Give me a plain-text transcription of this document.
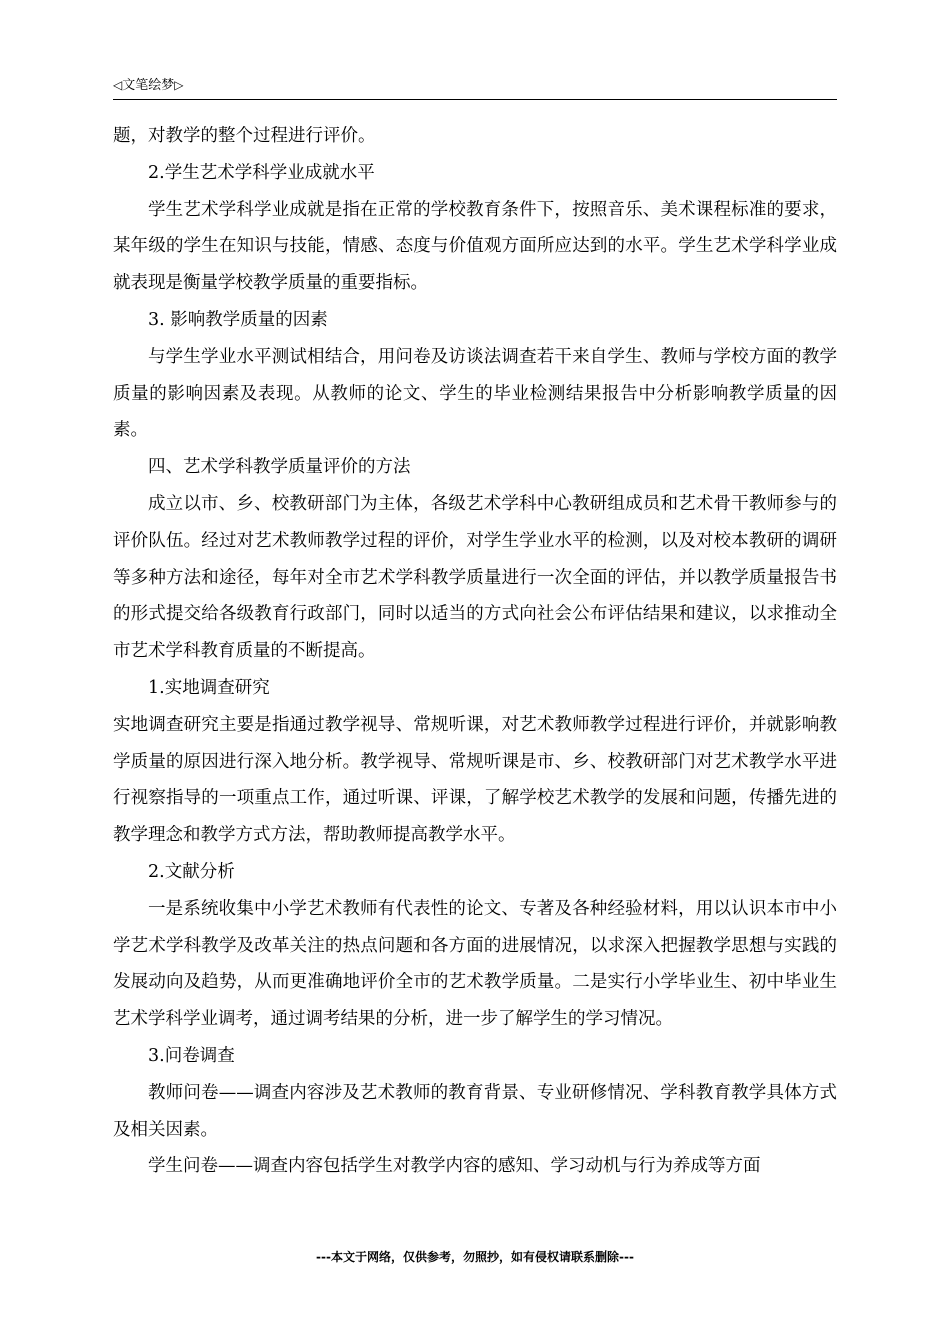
◁文笔绘梦▷

题，对教学的整个过程进行评价。

2.学生艺术学科学业成就水平

学生艺术学科学业成就是指在正常的学校教育条件下，按照音乐、美术课程标准的要求，某年级的学生在知识与技能，情感、态度与价值观方面所应达到的水平。学生艺术学科学业成就表现是衡量学校教学质量的重要指标。

3. 影响教学质量的因素

与学生学业水平测试相结合，用问卷及访谈法调查若干来自学生、教师与学校方面的教学质量的影响因素及表现。从教师的论文、学生的毕业检测结果报告中分析影响教学质量的因素。

四、艺术学科教学质量评价的方法

成立以市、乡、校教研部门为主体，各级艺术学科中心教研组成员和艺术骨干教师参与的评价队伍。经过对艺术教师教学过程的评价，对学生学业水平的检测，以及对校本教研的调研等多种方法和途径，每年对全市艺术学科教学质量进行一次全面的评估，并以教学质量报告书的形式提交给各级教育行政部门，同时以适当的方式向社会公布评估结果和建议，以求推动全市艺术学科教育质量的不断提高。

1.实地调查研究

实地调查研究主要是指通过教学视导、常规听课，对艺术教师教学过程进行评价，并就影响教学质量的原因进行深入地分析。教学视导、常规听课是市、乡、校教研部门对艺术教学水平进行视察指导的一项重点工作，通过听课、评课，了解学校艺术教学的发展和问题，传播先进的教学理念和教学方式方法，帮助教师提高教学水平。

2.文献分析

一是系统收集中小学艺术教师有代表性的论文、专著及各种经验材料，用以认识本市中小学艺术学科教学及改革关注的热点问题和各方面的进展情况，以求深入把握教学思想与实践的发展动向及趋势，从而更准确地评价全市的艺术教学质量。二是实行小学毕业生、初中毕业生艺术学科学业调考，通过调考结果的分析，进一步了解学生的学习情况。

3.问卷调查

教师问卷——调查内容涉及艺术教师的教育背景、专业研修情况、学科教育教学具体方式及相关因素。

学生问卷——调查内容包括学生对教学内容的感知、学习动机与行为养成等方面

---本文于网络，仅供参考，勿照抄，如有侵权请联系删除---
